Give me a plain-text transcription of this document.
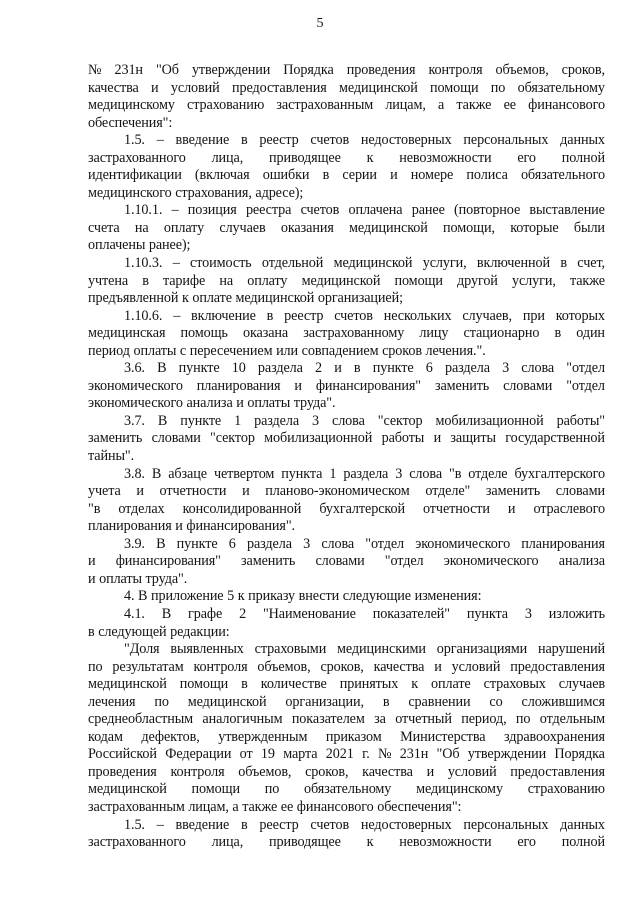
5
№ 231н "Об утверждении Порядка проведения контроля объемов, сроков,
качества и условий предоставления медицинской помощи по обязательному
медицинскому страхованию застрахованным лицам, а также ее финансового
обеспечения":
1.5. – введение в реестр счетов недостоверных персональных данных
застрахованного лица, приводящее к невозможности его полной
идентификации (включая ошибки в серии и номере полиса обязательного
медицинского страхования, адресе);
1.10.1. – позиция реестра счетов оплачена ранее (повторное выставление
счета на оплату случаев оказания медицинской помощи, которые были
оплачены ранее);
1.10.3. – стоимость отдельной медицинской услуги, включенной в счет,
учтена в тарифе на оплату медицинской помощи другой услуги, также
предъявленной к оплате медицинской организацией;
1.10.6. – включение в реестр счетов нескольких случаев, при которых
медицинская помощь оказана застрахованному лицу стационарно в один
период оплаты с пересечением или совпадением сроков лечения.".
3.6. В пункте 10 раздела 2 и в пункте 6 раздела 3 слова "отдел
экономического планирования и финансирования" заменить словами "отдел
экономического анализа и оплаты труда".
3.7. В пункте 1 раздела 3 слова "сектор мобилизационной работы"
заменить словами "сектор мобилизационной работы и защиты государственной
тайны".
3.8. В абзаце четвертом пункта 1 раздела 3 слова "в отделе бухгалтерского
учета и отчетности и планово-экономическом отделе" заменить словами
"в отделах консолидированной бухгалтерской отчетности и отраслевого
планирования и финансирования".
3.9. В пункте 6 раздела 3 слова "отдел экономического планирования
и финансирования" заменить словами "отдел экономического анализа
и оплаты труда".
4. В приложение 5 к приказу внести следующие изменения:
4.1. В графе 2 "Наименование показателей" пункта 3 изложить
в следующей редакции:
"Доля выявленных страховыми медицинскими организациями нарушений
по результатам контроля объемов, сроков, качества и условий предоставления
медицинской помощи в количестве принятых к оплате страховых случаев
лечения по медицинской организации, в сравнении со сложившимся
среднеобластным аналогичным показателем за отчетный период, по отдельным
кодам дефектов, утвержденным приказом Министерства здравоохранения
Российской Федерации от 19 марта 2021 г. № 231н "Об утверждении Порядка
проведения контроля объемов, сроков, качества и условий предоставления
медицинской помощи по обязательному медицинскому страхованию
застрахованным лицам, а также ее финансового обеспечения":
1.5. – введение в реестр счетов недостоверных персональных данных
застрахованного лица, приводящее к невозможности его полной
